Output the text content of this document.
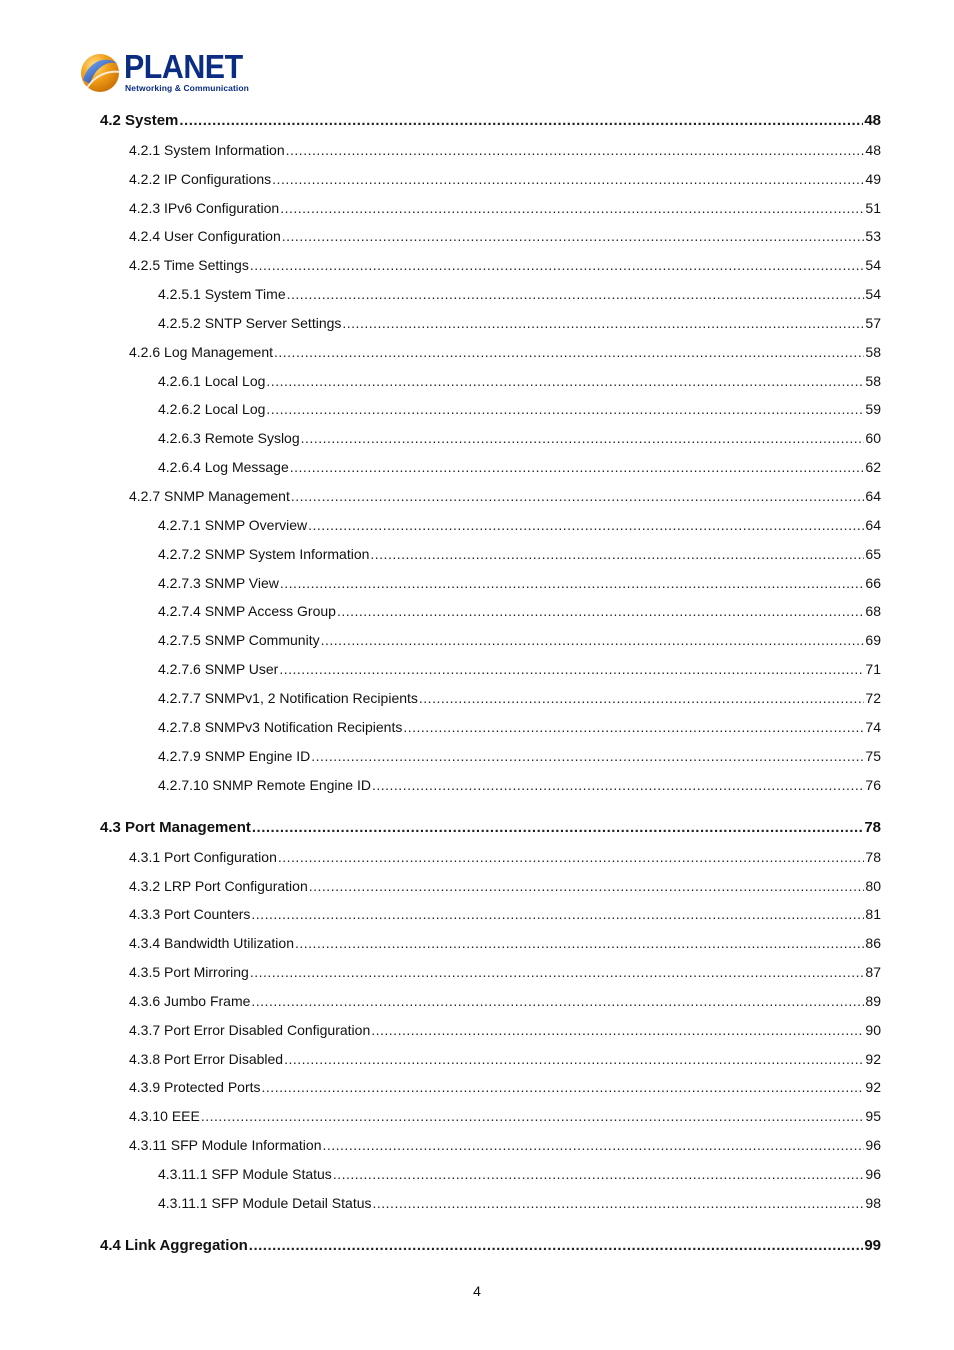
PLANET
Networking & Communication
4.2 System .....	48
4.2.1 System Information .....	48
4.2.2 IP Configurations .....	49
4.2.3 IPv6 Configuration .....	51
4.2.4 User Configuration .....	53
4.2.5 Time Settings .....	54
4.2.5.1 System Time .....	54
4.2.5.2 SNTP Server Settings .....	57
4.2.6 Log Management .....	58
4.2.6.1 Local Log .....	58
4.2.6.2 Local Log .....	59
4.2.6.3 Remote Syslog .....	60
4.2.6.4 Log Message .....	62
4.2.7 SNMP Management .....	64
4.2.7.1 SNMP Overview .....	64
4.2.7.2 SNMP System Information .....	65
4.2.7.3 SNMP View .....	66
4.2.7.4 SNMP Access Group .....	68
4.2.7.5 SNMP Community .....	69
4.2.7.6 SNMP User .....	71
4.2.7.7 SNMPv1, 2 Notification Recipients .....	72
4.2.7.8 SNMPv3 Notification Recipients .....	74
4.2.7.9 SNMP Engine ID .....	75
4.2.7.10 SNMP Remote Engine ID .....	76
4.3 Port Management .....	78
4.3.1 Port Configuration .....	78
4.3.2 LRP Port Configuration .....	80
4.3.3 Port Counters .....	81
4.3.4 Bandwidth Utilization .....	86
4.3.5 Port Mirroring .....	87
4.3.6 Jumbo Frame .....	89
4.3.7 Port Error Disabled Configuration .....	90
4.3.8 Port Error Disabled .....	92
4.3.9 Protected Ports .....	92
4.3.10 EEE .....	95
4.3.11 SFP Module Information .....	96
4.3.11.1 SFP Module Status .....	96
4.3.11.1 SFP Module Detail Status .....	98
4.4 Link Aggregation .....	99
4
